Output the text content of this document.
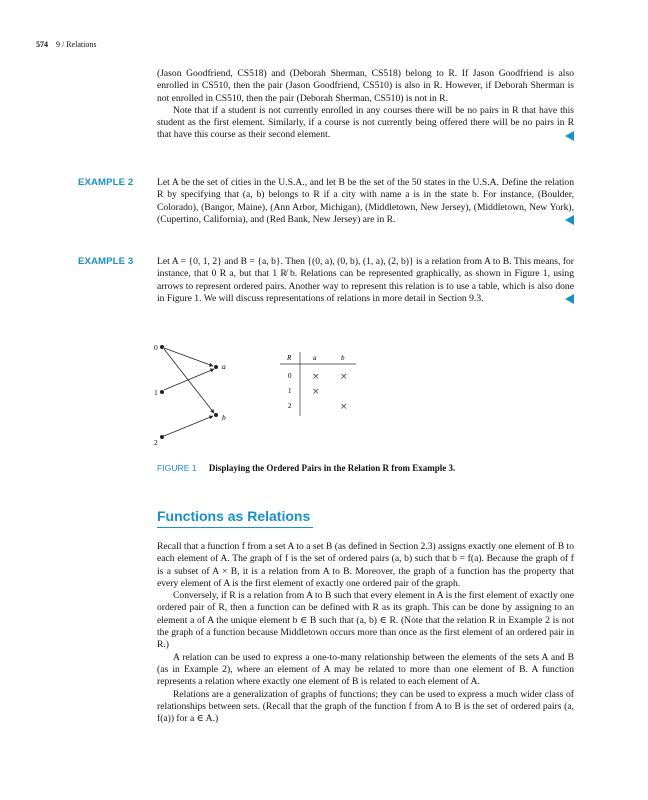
574 9 / Relations

(Jason Goodfriend, CS518) and (Deborah Sherman, CS518) belong to R. If Jason Goodfriend is also enrolled in CS510, then the pair (Jason Goodfriend, CS510) is also in R. However, if Deborah Sherman is not enrolled in CS510, then the pair (Deborah Sherman, CS510) is not in R.

Note that if a student is not currently enrolled in any courses there will be no pairs in R that have this student as the first element. Similarly, if a course is not currently being offered there will be no pairs in R that have this course as their second element.

EXAMPLE 2 Let A be the set of cities in the U.S.A., and let B be the set of the 50 states in the U.S.A. Define the relation R by specifying that (a, b) belongs to R if a city with name a is in the state b. For instance, (Boulder, Colorado), (Bangor, Maine), (Ann Arbor, Michigan), (Middletown, New Jersey), (Middletown, New York), (Cupertino, California), and (Red Bank, New Jersey) are in R.

EXAMPLE 3 Let A = {0, 1, 2} and B = {a, b}. Then {(0, a), (0, b), (1, a), (2, b)} is a relation from A to B. This means, for instance, that 0 R a, but that 1 R̸ b. Relations can be represented graphically, as shown in Figure 1, using arrows to represent ordered pairs. Another way to represent this relation is to use a table, which is also done in Figure 1. We will discuss representations of relations in more detail in Section 9.3.

0
1
2
a
b
R	a	b
0
1
2
× ×
×
×
FIGURE 1 Displaying the Ordered Pairs in the Relation R from Example 3.
Functions as Relations

Recall that a function f from a set A to a set B (as defined in Section 2.3) assigns exactly one element of B to each element of A. The graph of f is the set of ordered pairs (a, b) such that b = f(a). Because the graph of f is a subset of A × B, it is a relation from A to B. Moreover, the graph of a function has the property that every element of A is the first element of exactly one ordered pair of the graph.

Conversely, if R is a relation from A to B such that every element in A is the first element of exactly one ordered pair of R, then a function can be defined with R as its graph. This can be done by assigning to an element a of A the unique element b ∈ B such that (a, b) ∈ R. (Note that the relation R in Example 2 is not the graph of a function because Middletown occurs more than once as the first element of an ordered pair in R.)

A relation can be used to express a one-to-many relationship between the elements of the sets A and B (as in Example 2), where an element of A may be related to more than one element of B. A function represents a relation where exactly one element of B is related to each element of A.

Relations are a generalization of graphs of functions; they can be used to express a much wider class of relationships between sets. (Recall that the graph of the function f from A to B is the set of ordered pairs (a, f(a)) for a ∈ A.)
